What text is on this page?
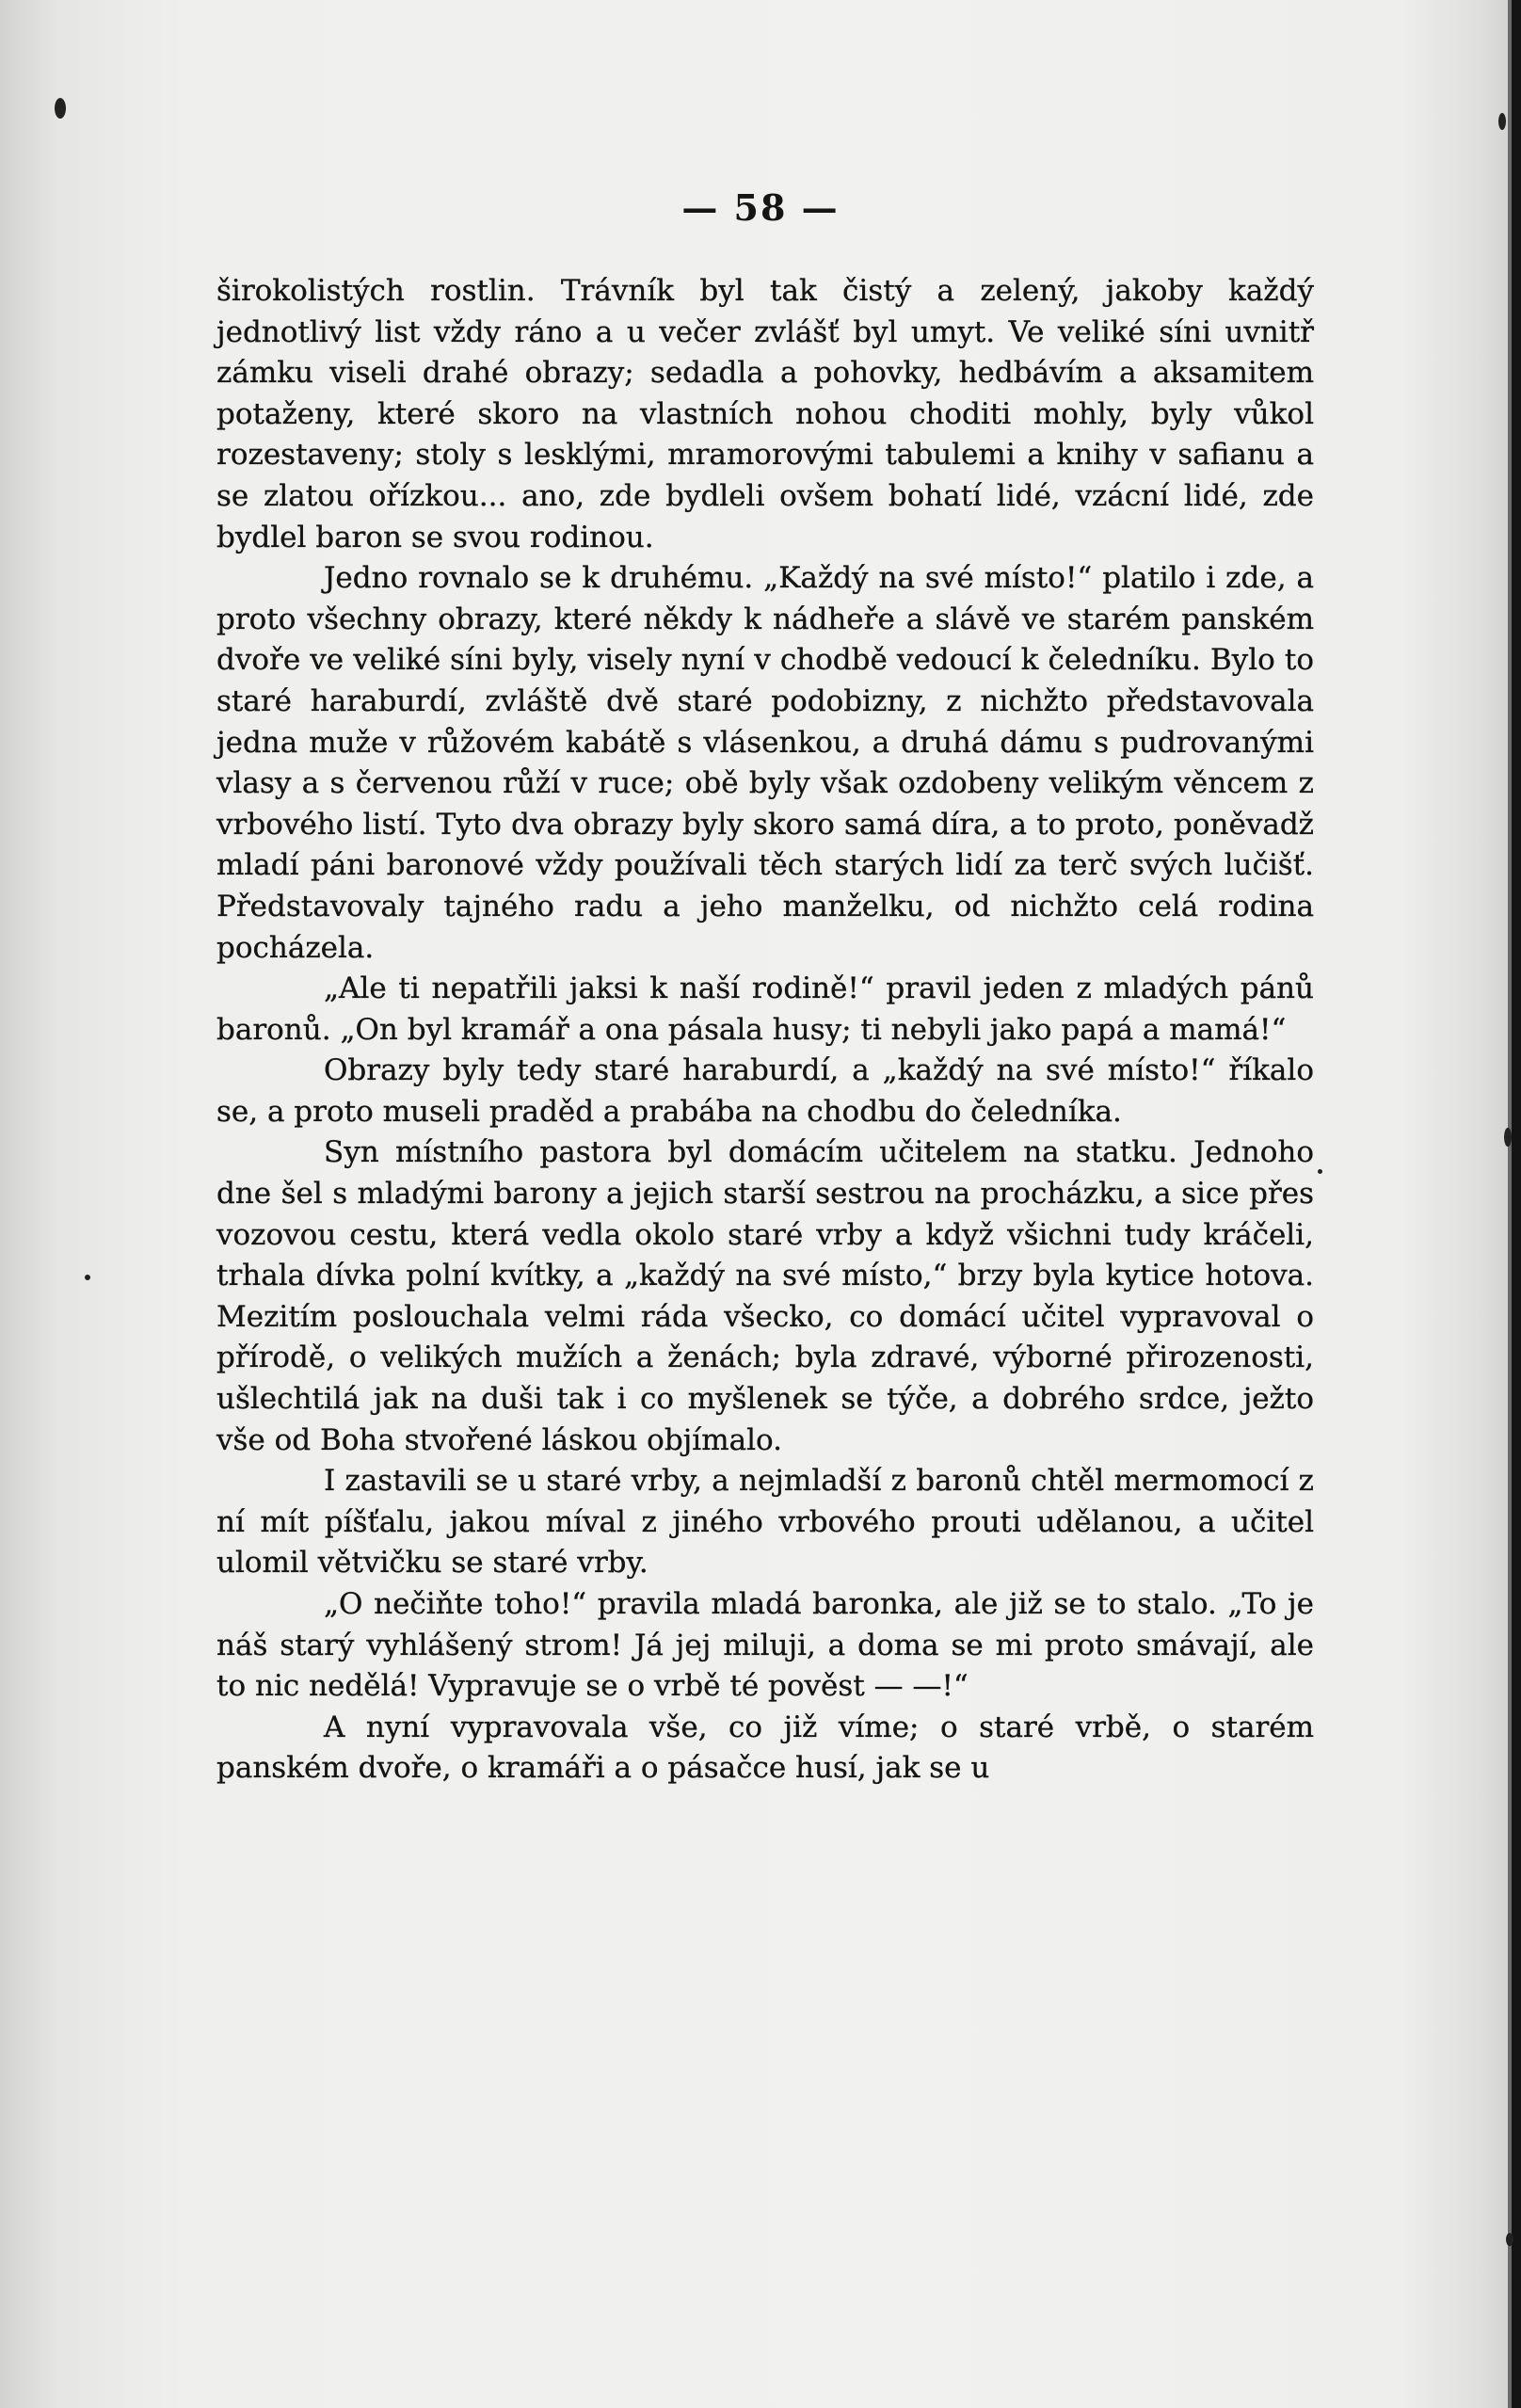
— 58 —

širokolistých rostlin. Trávník byl tak čistý a zelený, jakoby každý jednotlivý list vždy ráno a u večer zvlášť byl umyt. Ve veliké síni uvnitř zámku viseli drahé obrazy; sedadla a pohovky, hedbávím a aksamitem potaženy, které skoro na vlastních nohou choditi mohly, byly vůkol rozestaveny; stoly s lesklými, mramorovými tabulemi a knihy v safianu a se zlatou ořízkou... ano, zde bydleli ovšem bohatí lidé, vzácní lidé, zde bydlel baron se svou rodinou.

Jedno rovnalo se k druhému. „Každý na své místo!“ platilo i zde, a proto všechny obrazy, které někdy k nádheře a slávě ve starém panském dvoře ve veliké síni byly, visely nyní v chodbě vedoucí k čeledníku. Bylo to staré haraburdí, zvláště dvě staré podobizny, z nichžto představovala jedna muže v růžovém kabátě s vlásenkou, a druhá dámu s pudrovanými vlasy a s červenou růží v ruce; obě byly však ozdobeny velikým věncem z vrbového listí. Tyto dva obrazy byly skoro samá díra, a to proto, poněvadž mladí páni baronové vždy používali těch starých lidí za terč svých lučišť. Představovaly tajného radu a jeho manželku, od nichžto celá rodina pocházela.

„Ale ti nepatřili jaksi k naší rodině!“ pravil jeden z mladých pánů baronů. „On byl kramář a ona pásala husy; ti nebyli jako papá a mamá!“

Obrazy byly tedy staré haraburdí, a „každý na své místo!“ říkalo se, a proto museli praděd a prabába na chodbu do čeledníka.

Syn místního pastora byl domácím učitelem na statku. Jednoho dne šel s mladými barony a jejich starší sestrou na procházku, a sice přes vozovou cestu, která vedla okolo staré vrby a když všichni tudy kráčeli, trhala dívka polní kvítky, a „každý na své místo,“ brzy byla kytice hotova. Mezitím poslouchala velmi ráda všecko, co domácí učitel vypravoval o přírodě, o velikých mužích a ženách; byla zdravé, výborné přirozenosti, ušlechtilá jak na duši tak i co myšlenek se týče, a dobrého srdce, ježto vše od Boha stvořené láskou objímalo.

I zastavili se u staré vrby, a nejmladší z baronů chtěl mermomocí z ní mít píšťalu, jakou míval z jiného vrbového prouti udělanou, a učitel ulomil větvičku se staré vrby.

„O nečiňte toho!“ pravila mladá baronka, ale již se to stalo. „To je náš starý vyhlášený strom! Já jej miluji, a doma se mi proto smávají, ale to nic nedělá! Vypravuje se o vrbě té pověst — —!“

A nyní vypravovala vše, co již víme; o staré vrbě, o starém panském dvoře, o kramáři a o pásačce husí, jak se u
